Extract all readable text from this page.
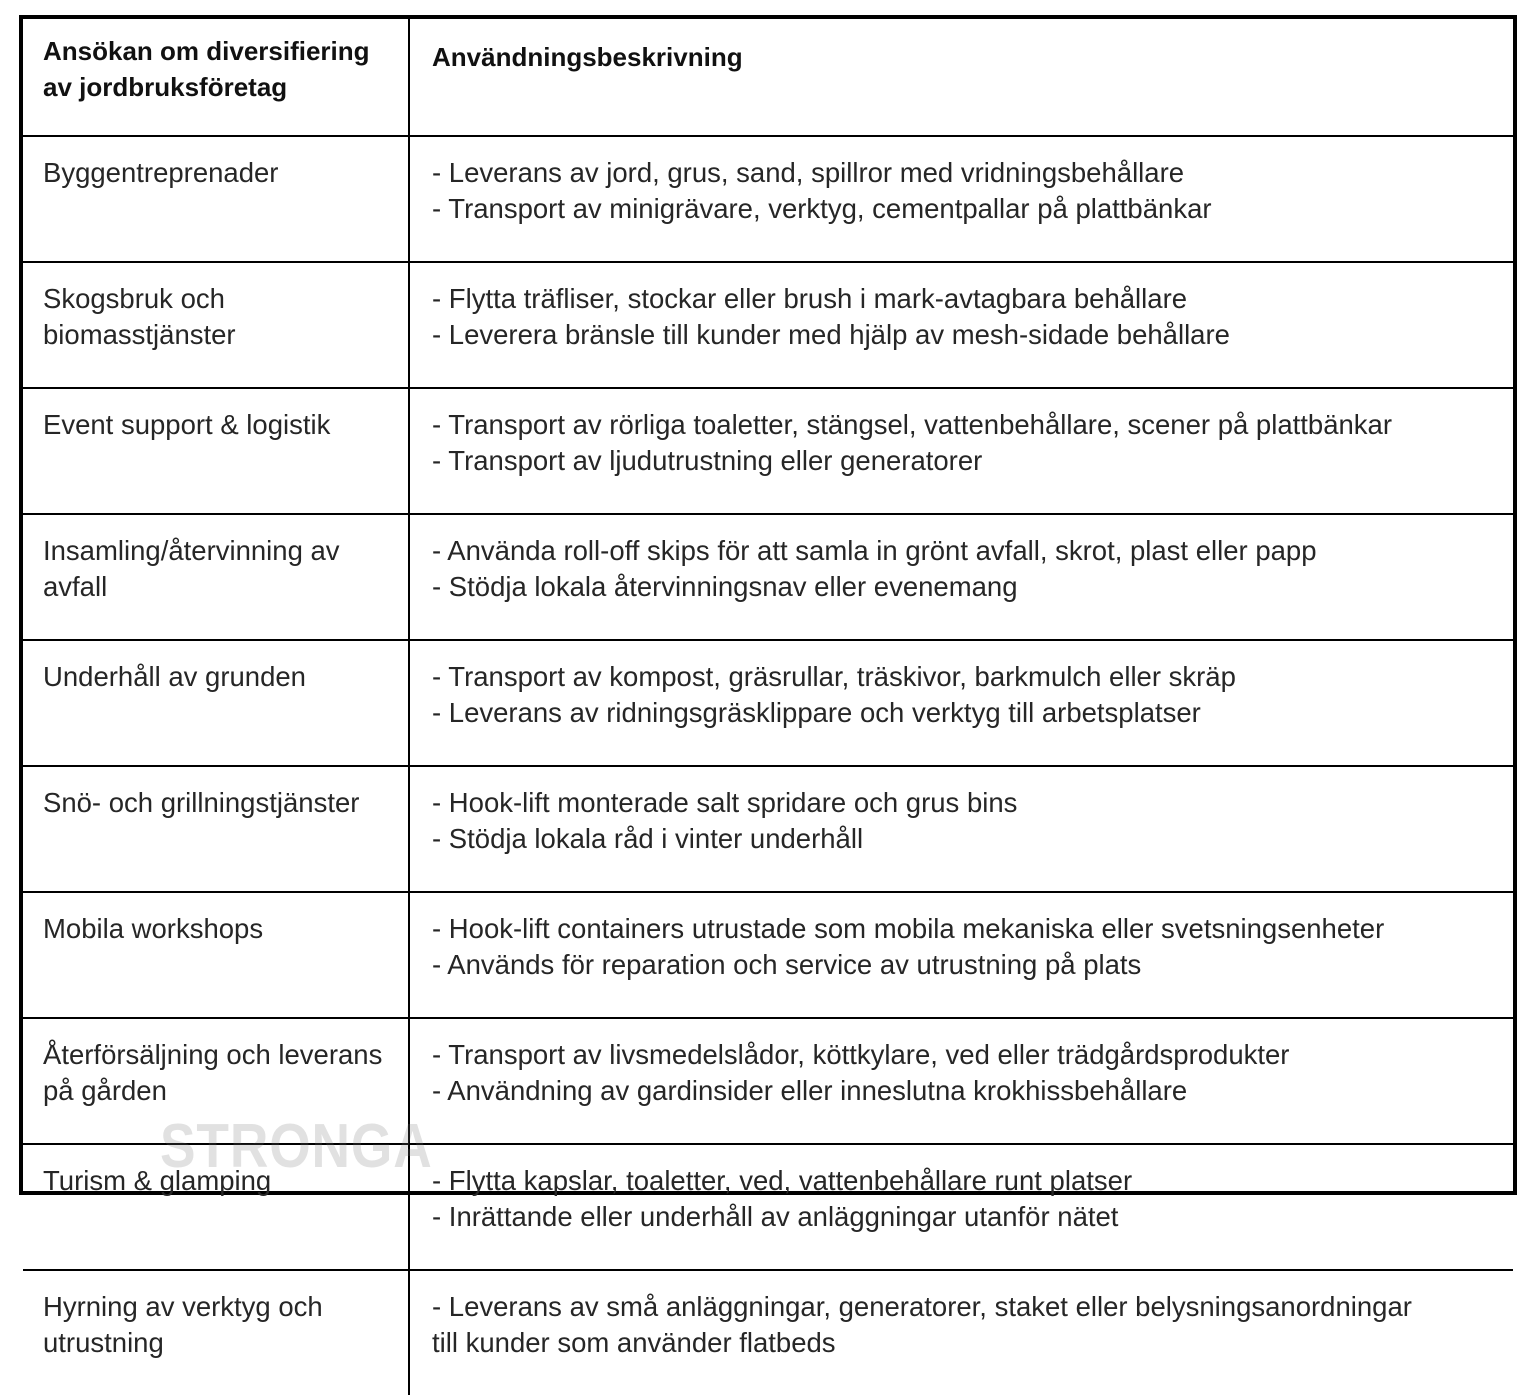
Ansökan om diversifiering av jordbruksföretag	Användningsbeskrivning

Byggentreprenader	- Leverans av jord, grus, sand, spillror med vridningsbehållare
- Transport av minigrävare, verktyg, cementpallar på plattbänkar

Skogsbruk och biomasstjänster	- Flytta träfliser, stockar eller brush i mark-avtagbara behållare
- Leverera bränsle till kunder med hjälp av mesh-sidade behållare

Event support & logistik	- Transport av rörliga toaletter, stängsel, vattenbehållare, scener på plattbänkar
- Transport av ljudutrustning eller generatorer

Insamling/återvinning av avfall	- Använda roll-off skips för att samla in grönt avfall, skrot, plast eller papp
- Stödja lokala återvinningsnav eller evenemang

Underhåll av grunden	- Transport av kompost, gräsrullar, träskivor, barkmulch eller skräp
- Leverans av ridningsgräsklippare och verktyg till arbetsplatser

Snö- och grillningstjänster	- Hook-lift monterade salt spridare och grus bins
- Stödja lokala råd i vinter underhåll

Mobila workshops	- Hook-lift containers utrustade som mobila mekaniska eller svetsningsenheter
- Används för reparation och service av utrustning på plats

Återförsäljning och leverans på gården	- Transport av livsmedelslådor, köttkylare, ved eller trädgårdsprodukter
- Användning av gardinsider eller inneslutna krokhissbehållare

Turism & glamping	- Flytta kapslar, toaletter, ved, vattenbehållare runt platser
- Inrättande eller underhåll av anläggningar utanför nätet

Hyrning av verktyg och utrustning	- Leverans av små anläggningar, generatorer, staket eller belysningsanordningar
till kunder som använder flatbeds
STRONGA
